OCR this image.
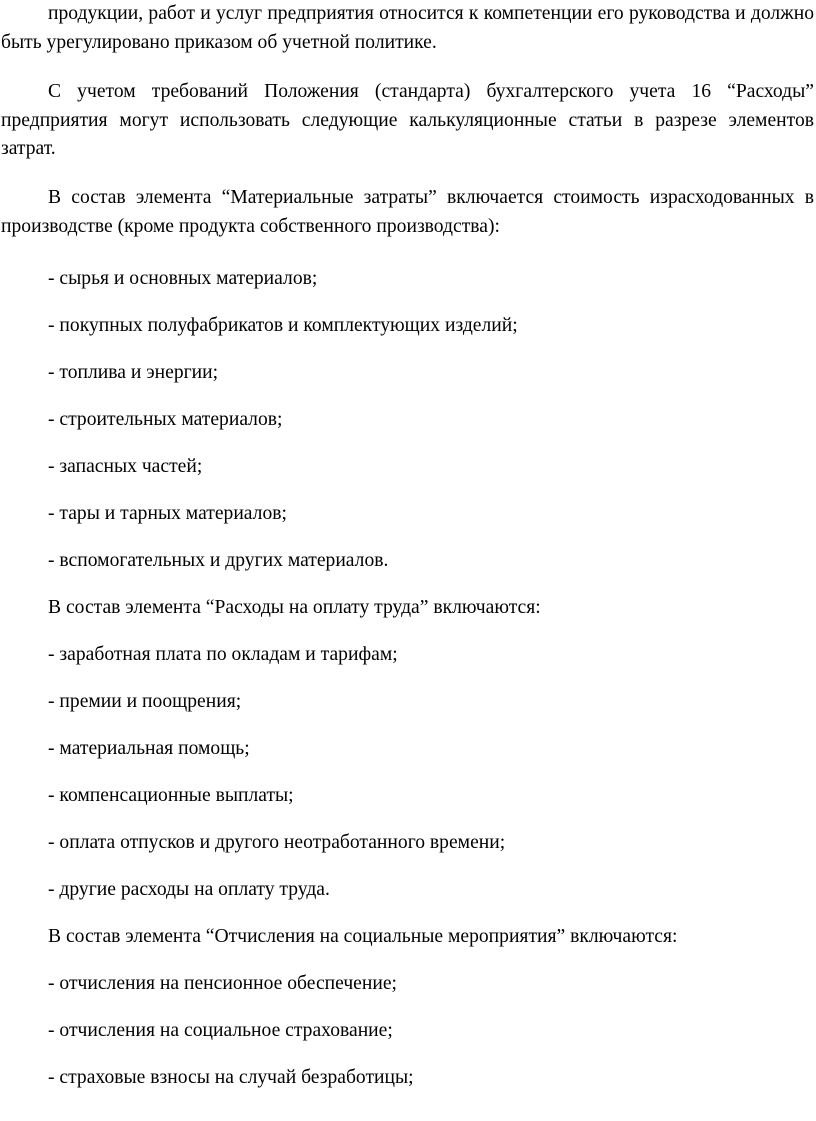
продукции, работ и услуг предприятия относится к компетенции его руководства и должно быть урегулировано приказом об учетной политике.

С учетом требований Положения (стандарта) бухгалтерского учета 16 “Расходы” предприятия могут использовать следующие калькуляционные статьи в разрезе элементов затрат.

В состав элемента “Материальные затраты” включается стоимость израсходованных в производстве (кроме продукта собственного производства):

- сырья и основных материалов;
- покупных полуфабрикатов и комплектующих изделий;
- топлива и энергии;
- строительных материалов;
- запасных частей;
- тары и тарных материалов;
- вспомогательных и других материалов.
В состав элемента “Расходы на оплату труда” включаются:
- заработная плата по окладам и тарифам;
- премии и поощрения;
- материальная помощь;
- компенсационные выплаты;
- оплата отпусков и другого неотработанного времени;
- другие расходы на оплату труда.
В состав элемента “Отчисления на социальные мероприятия” включаются:
- отчисления на пенсионное обеспечение;
- отчисления на социальное страхование;
- страховые взносы на случай безработицы;
